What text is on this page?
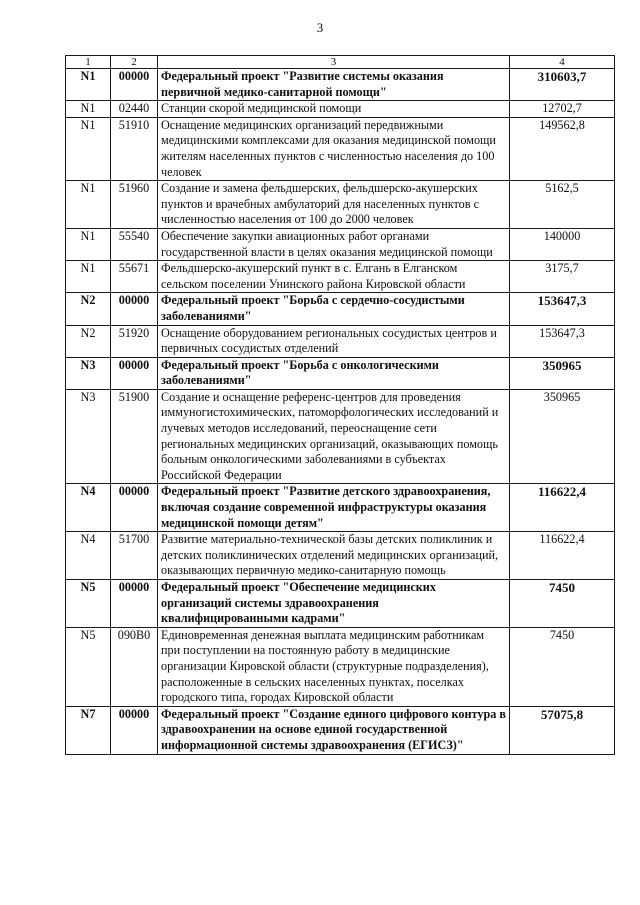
3
1	2	3	4
N1	00000	Федеральный проект "Развитие системы оказания первичной медико-санитарной помощи"	310603,7
N1	02440	Станции скорой медицинской помощи	12702,7
N1	51910	Оснащение медицинских организаций передвижными медицинскими комплексами для оказания медицинской помощи жителям населенных пунктов с численностью населения до 100 человек	149562,8
N1	51960	Создание и замена фельдшерских, фельдшерско-акушерских пунктов и врачебных амбулаторий для населенных пунктов с численностью населения от 100 до 2000 человек	5162,5
N1	55540	Обеспечение закупки авиационных работ органами государственной власти в целях оказания медицинской помощи	140000
N1	55671	Фельдшерско-акушерский пункт в с. Елгань в Елганском сельском поселении Унинского района Кировской области	3175,7
N2	00000	Федеральный проект "Борьба с сердечно-сосудистыми заболеваниями"	153647,3
N2	51920	Оснащение оборудованием региональных сосудистых центров и первичных сосудистых отделений	153647,3
N3	00000	Федеральный проект "Борьба с онкологическими заболеваниями"	350965
N3	51900	Создание и оснащение референс-центров для проведения иммуногистохимических, патоморфологических исследований и лучевых методов исследований, переоснащение сети региональных медицинских организаций, оказывающих помощь больным онкологическими заболеваниями в субъектах Российской Федерации	350965
N4	00000	Федеральный проект "Развитие детского здравоохранения, включая создание современной инфраструктуры оказания медицинской помощи детям"	116622,4
N4	51700	Развитие материально-технической базы детских поликлиник и детских поликлинических отделений медицинских организаций, оказывающих первичную медико-санитарную помощь	116622,4
N5	00000	Федеральный проект "Обеспечение медицинских организаций системы здравоохранения квалифицированными кадрами"	7450
N5	090В0	Единовременная денежная выплата медицинским работникам при поступлении на постоянную работу в медицинские организации Кировской области (структурные подразделения), расположенные в сельских населенных пунктах, поселках городского типа, городах Кировской области	7450
N7	00000	Федеральный проект "Создание единого цифрового контура в здравоохранении на основе единой государственной информационной системы здравоохранения (ЕГИСЗ)"	57075,8
